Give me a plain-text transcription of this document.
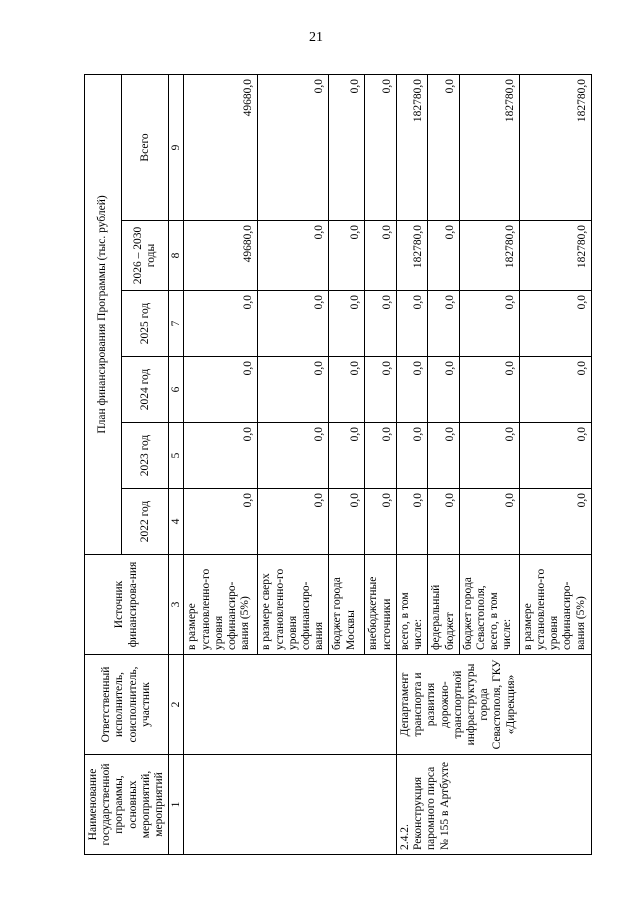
21
Наименование государственной программы, основных мероприятий, мероприятий	Ответственный исполнитель, соисполнитель, участник	Источник финансирова-ния	План финансирования Программы (тыс. рублей)					
			2022 год	2023 год	2024 год	2025 год	2026 – 2030 годы	Всего
1	2	3	4	5	6	7	8	9
		в размере установленно-го уровня софинансиро-вания (5%)	0,0	0,0	0,0	0,0	49680,0	49680,0
		в размере сверх установленно-го уровня софинансиро-вания	0,0	0,0	0,0	0,0	0,0	0,0
		бюджет города Москвы	0,0	0,0	0,0	0,0	0,0	0,0
		внебюджетные источники	0,0	0,0	0,0	0,0	0,0	0,0
2.4.2. Реконструкция паромного пирса № 155 в Артбухте	Департамент транспорта и развития дорожно-транспортной инфраструктуры города Севастополя, ГКУ «Дирекция»	всего, в том числе:	0,0	0,0	0,0	0,0	182780,0	182780,0
		федеральный бюджет	0,0	0,0	0,0	0,0	0,0	0,0
		бюджет города Севастополя, всего, в том числе:	0,0	0,0	0,0	0,0	182780,0	182780,0
		в размере установленно-го уровня софинансиро-вания (5%)	0,0	0,0	0,0	0,0	182780,0	182780,0
